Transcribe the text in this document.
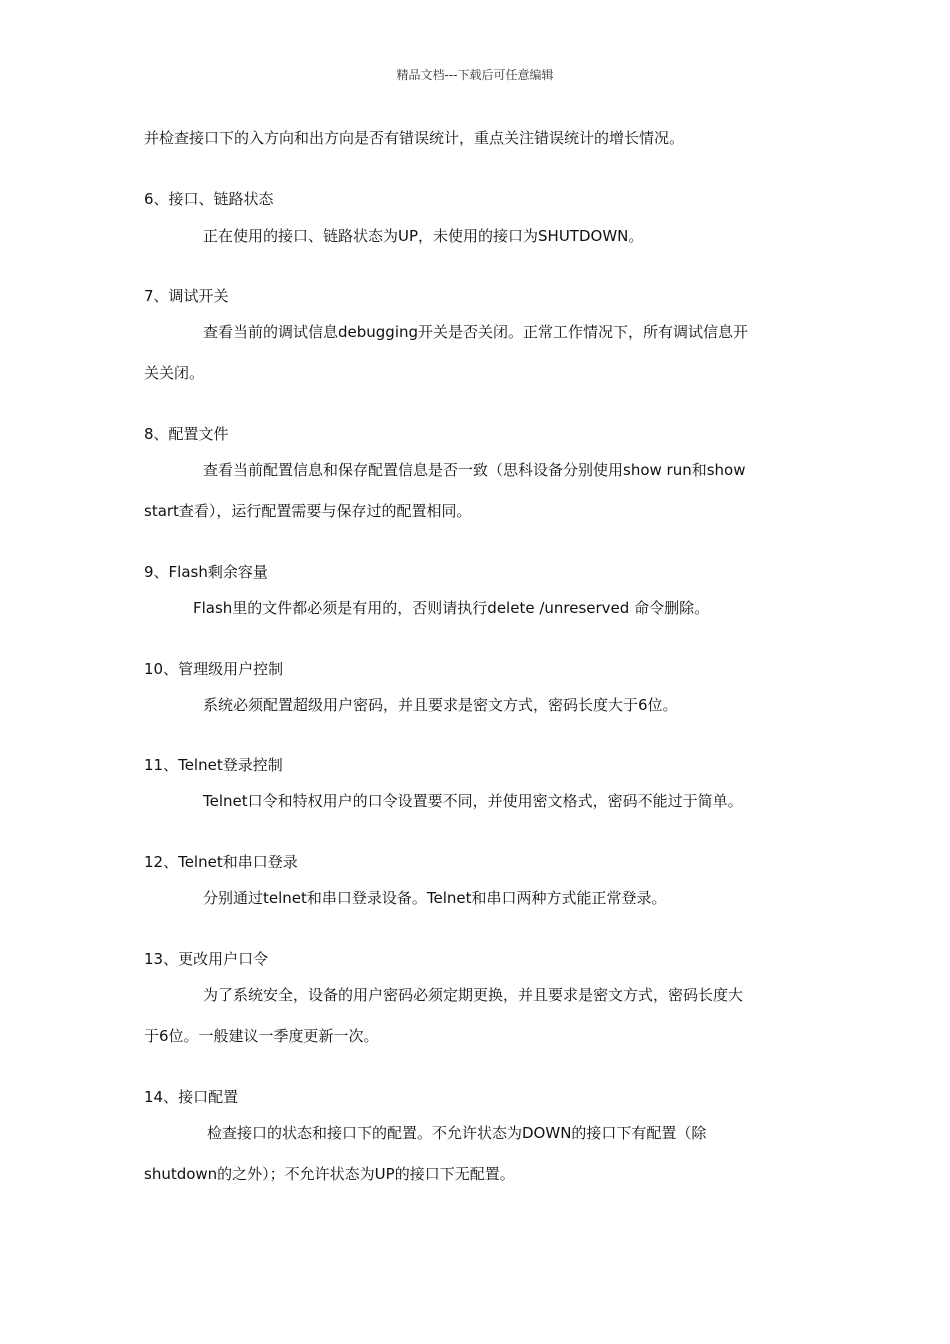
精品文档---下载后可任意编辑
并检查接口下的入方向和出方向是否有错误统计，重点关注错误统计的增长情况。
6、接口、链路状态
正在使用的接口、链路状态为UP，未使用的接口为SHUTDOWN。
7、调试开关
查看当前的调试信息debugging开关是否关闭。正常工作情况下，所有调试信息开
关关闭。
8、配置文件
查看当前配置信息和保存配置信息是否一致（思科设备分别使用show run和show
start查看），运行配置需要与保存过的配置相同。
9、Flash剩余容量
Flash里的文件都必须是有用的，否则请执行delete /unreserved 命令删除。
10、管理级用户控制
系统必须配置超级用户密码，并且要求是密文方式，密码长度大于6位。
11、Telnet登录控制
Telnet口令和特权用户的口令设置要不同，并使用密文格式，密码不能过于简单。
12、Telnet和串口登录
分别通过telnet和串口登录设备。Telnet和串口两种方式能正常登录。
13、更改用户口令
为了系统安全，设备的用户密码必须定期更换，并且要求是密文方式，密码长度大
于6位。一般建议一季度更新一次。
14、接口配置
检查接口的状态和接口下的配置。不允许状态为DOWN的接口下有配置（除
shutdown的之外）；不允许状态为UP的接口下无配置。
